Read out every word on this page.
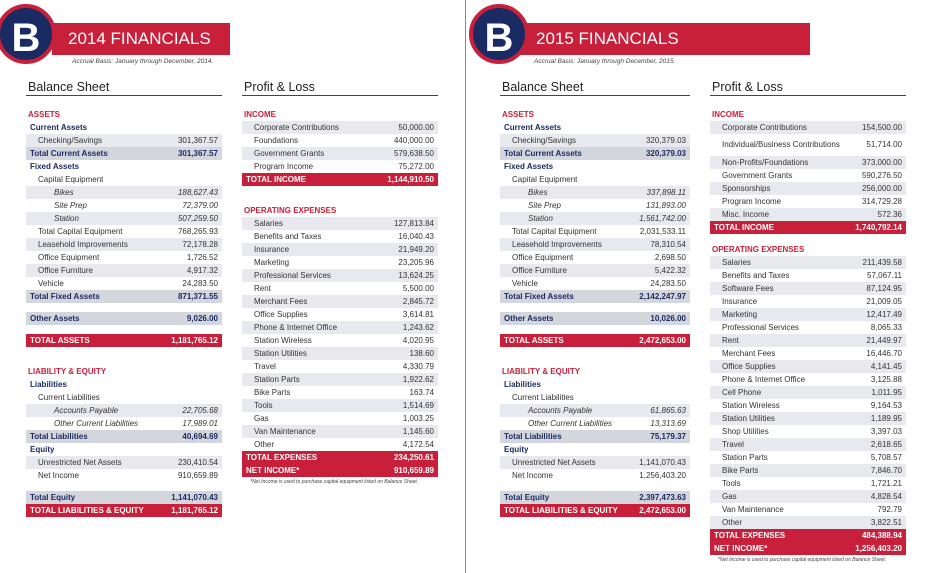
2014 FINANCIALS
B
Accrual Basis: January through December, 2014.
Balance Sheet
ASSETS
Current Assets
Checking/Savings	301,367.57
Total Current Assets	301,367.57
Fixed Assets
Capital Equipment
Bikes	188,627.43
Site Prep	72,379.00
Station	507,259.50
Total Capital Equipment	768,265.93
Leasehold Improvements	72,178.28
Office Equipment	1,726.52
Office Furniture	4,917.32
Vehicle	24,283.50
Total Fixed Assets	871,371.55
Other Assets	9,026.00
TOTAL ASSETS	1,181,765.12
LIABILITY & EQUITY
Liabilities
Current Liabilities
Accounts Payable	22,705.68
Other Current Liabilities	17,989.01
Total Liabilities	40,694.69
Equity
Unrestricted Net Assets	230,410.54
Net Income	910,659.89
Total Equity	1,141,070.43
TOTAL LIABILITIES & EQUITY	1,181,765.12
Profit & Loss
INCOME
Corporate Contributions	50,000.00
Foundations	440,000.00
Government Grants	579,638.50
Program Income	75,272.00
TOTAL INCOME	1,144,910.50
OPERATING EXPENSES
Salaries	127,813.84
Benefits and Taxes	16,040.43
Insurance	21,949.20
Marketing	23,205.96
Professional Services	13,624.25
Rent	5,500.00
Merchant Fees	2,845.72
Office Supplies	3,614.81
Phone & Internet Office	1,243.62
Station Wireless	4,020.95
Station Utilities	138.60
Travel	4,330.79
Station Parts	1,922.62
Bike Parts	163.74
Tools	1,514.69
Gas	1,003.25
Van Maintenance	1,145.60
Other	4,172.54
TOTAL EXPENSES	234,250.61
NET INCOME*	910,659.89
*Net Income is used to purchase capital equipment listed on Balance Sheet.
2015 FINANCIALS
B
Accrual Basis: January through December, 2015.
Balance Sheet
ASSETS
Current Assets
Checking/Savings	320,379.03
Total Current Assets	320,379.03
Fixed Assets
Capital Equipment
Bikes	337,898.11
Site Prep	131,893.00
Station	1,561,742.00
Total Capital Equipment	2,031,533.11
Leasehold Improvements	78,310.54
Office Equipment	2,698.50
Office Furniture	5,422.32
Vehicle	24,283.50
Total Fixed Assets	2,142,247.97
Other Assets	10,026.00
TOTAL ASSETS	2,472,653.00
LIABILITY & EQUITY
Liabilities
Current Liabilities
Accounts Payable	61,865.63
Other Current Liabilities	13,313.69
Total Liabilities	75,179.37
Equity
Unrestricted Net Assets	1,141,070.43
Net Income	1,256,403.20
Total Equity	2,397,473.63
TOTAL LIABILITIES & EQUITY	2,472,653.00
Profit & Loss
INCOME
Corporate Contributions	154,500.00
Individual/Business Contributions	51,714.00
Non-Profits/Foundations	373,000.00
Government Grants	590,276.50
Sponsorships	256,000.00
Program Income	314,729.28
Misc. Income	572.36
TOTAL INCOME	1,740,792.14
OPERATING EXPENSES
Salaries	211,439.58
Benefits and Taxes	57,067.11
Software Fees	87,124.95
Insurance	21,009.05
Marketing	12,417.49
Professional Services	8,065.33
Rent	21,449.97
Merchant Fees	16,446.70
Office Supplies	4,141.45
Phone & Internet Office	3,125.88
Cell Phone	1,011.95
Station Wireless	9,164.53
Station Utilities	1,189.95
Shop Utilities	3,397.03
Travel	2,618.65
Station Parts	5,708.57
Bike Parts	7,846.70
Tools	1,721.21
Gas	4,828.54
Van Maintenance	792.79
Other	3,822.51
TOTAL EXPENSES	484,388.94
NET INCOME*	1,256,403.20
*Net Income is used to purchase capital equipment listed on Balance Sheet.
